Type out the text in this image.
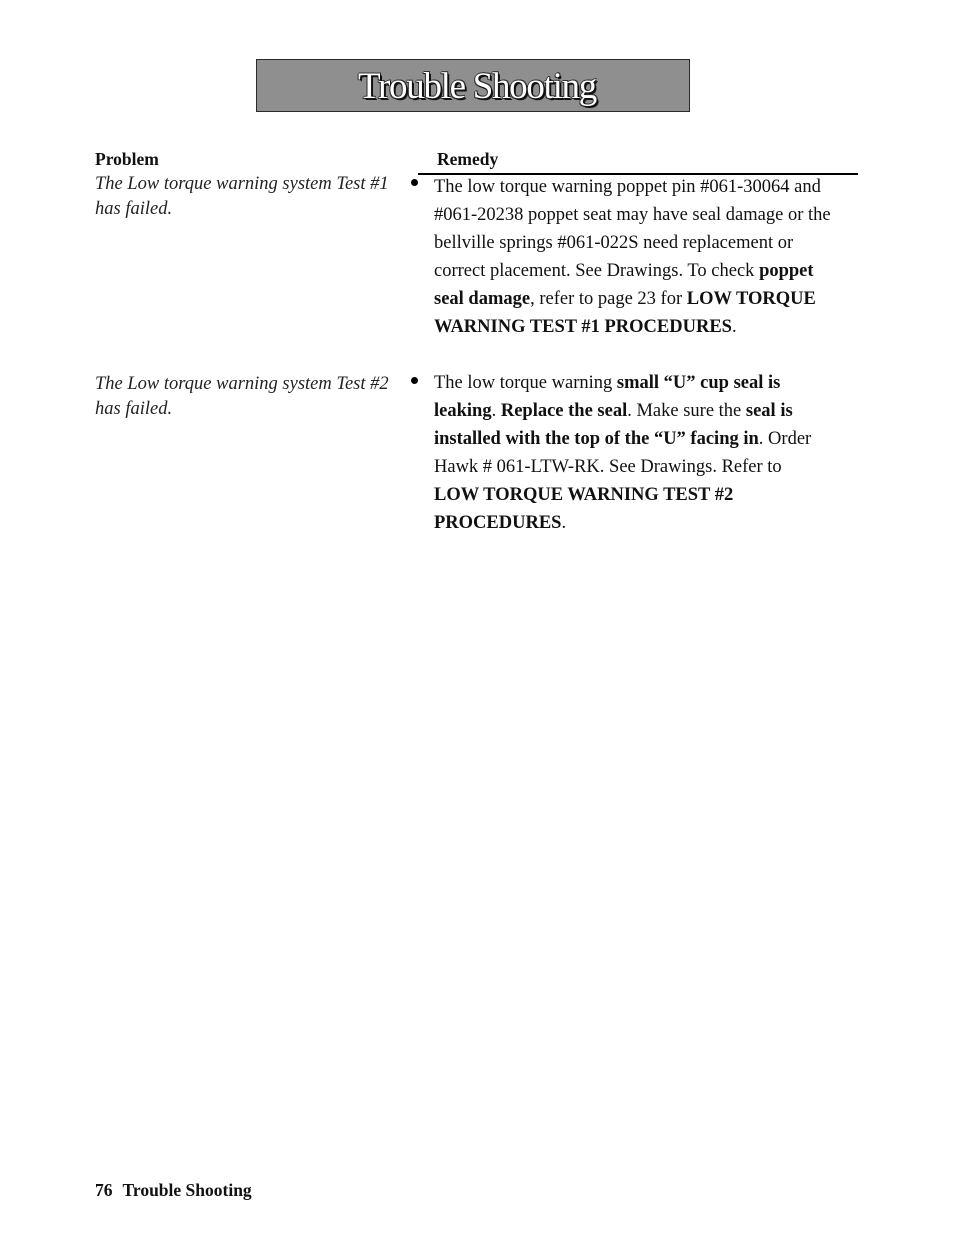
Trouble Shooting
Problem	Remedy
The Low torque warning system Test #1
has failed.
The low torque warning poppet pin #061-30064 and
#061-20238 poppet seat may have seal damage or the
bellville springs #061-022S need replacement or
correct placement. See Drawings. To check poppet
seal damage, refer to page 23 for LOW TORQUE
WARNING TEST #1 PROCEDURES.
The Low torque warning system Test #2
has failed.
The low torque warning small “U” cup seal is
leaking. Replace the seal. Make sure the seal is
installed with the top of the “U” facing in. Order
Hawk # 061-LTW-RK. See Drawings. Refer to
LOW TORQUE WARNING TEST #2
PROCEDURES.
76 Trouble Shooting
